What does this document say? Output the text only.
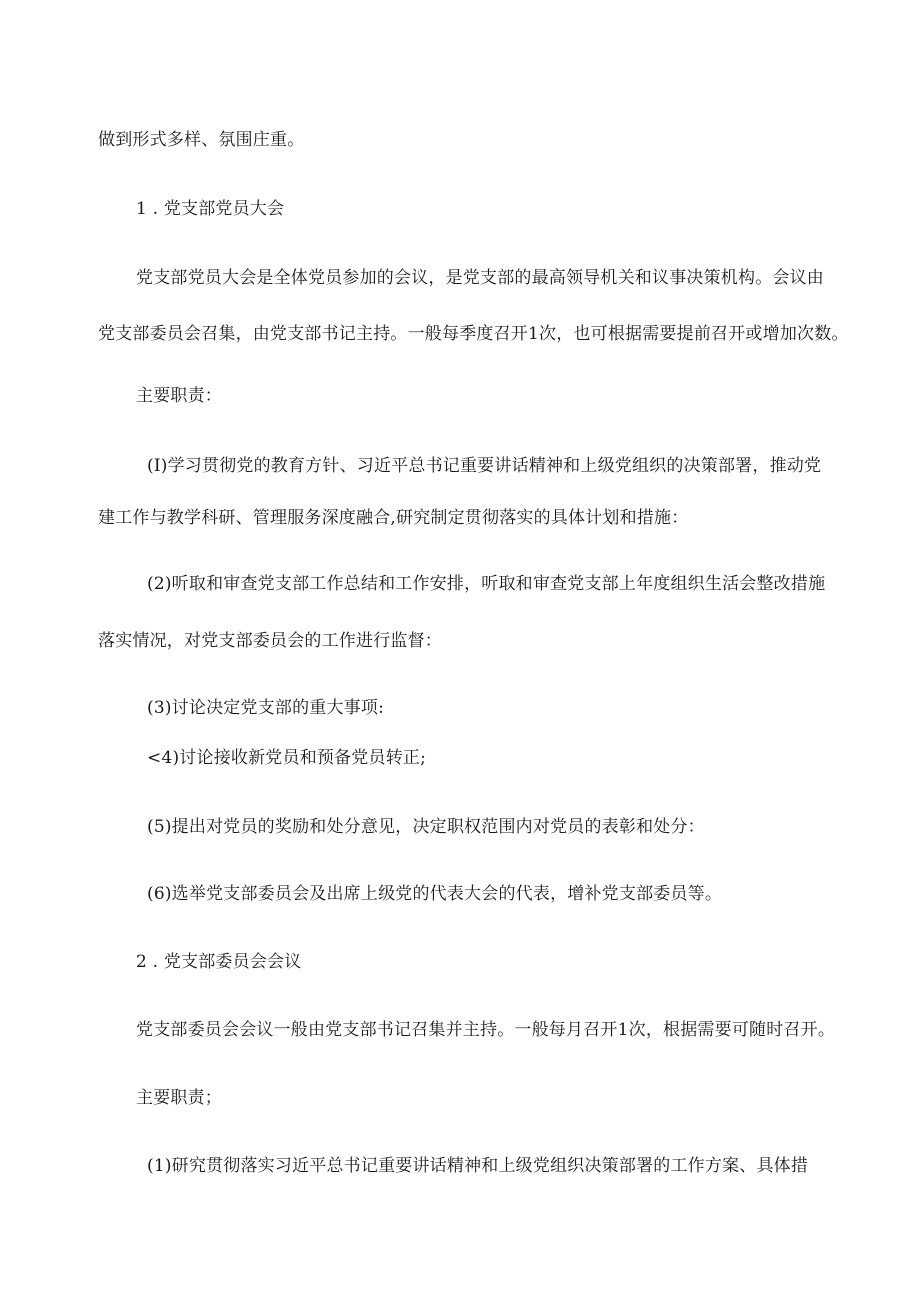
做到形式多样、氛围庄重。

1 . 党支部党员大会

党支部党员大会是全体党员参加的会议，是党支部的最高领导机关和议事决策机构。会议由

党支部委员会召集，由党支部书记主持。一般每季度召开1次，也可根据需要提前召开或增加次数。

主要职责：

(I)学习贯彻党的教育方针、习近平总书记重要讲话精神和上级党组织的决策部署，推动党

建工作与教学科研、管理服务深度融合,研究制定贯彻落实的具体计划和措施：

(2)听取和审查党支部工作总结和工作安排，听取和审查党支部上年度组织生活会整改措施

落实情况，对党支部委员会的工作进行监督：

(3)讨论决定党支部的重大事项:

<4)讨论接收新党员和预备党员转正;

(5)提出对党员的奖励和处分意见，决定职权范围内对党员的表彰和处分：

(6)选举党支部委员会及出席上级党的代表大会的代表，增补党支部委员等。

2 . 党支部委员会会议

党支部委员会会议一般由党支部书记召集并主持。一般每月召开1次，根据需要可随时召开。

主要职责；

(1)研究贯彻落实习近平总书记重要讲话精神和上级党组织决策部署的工作方案、具体措
